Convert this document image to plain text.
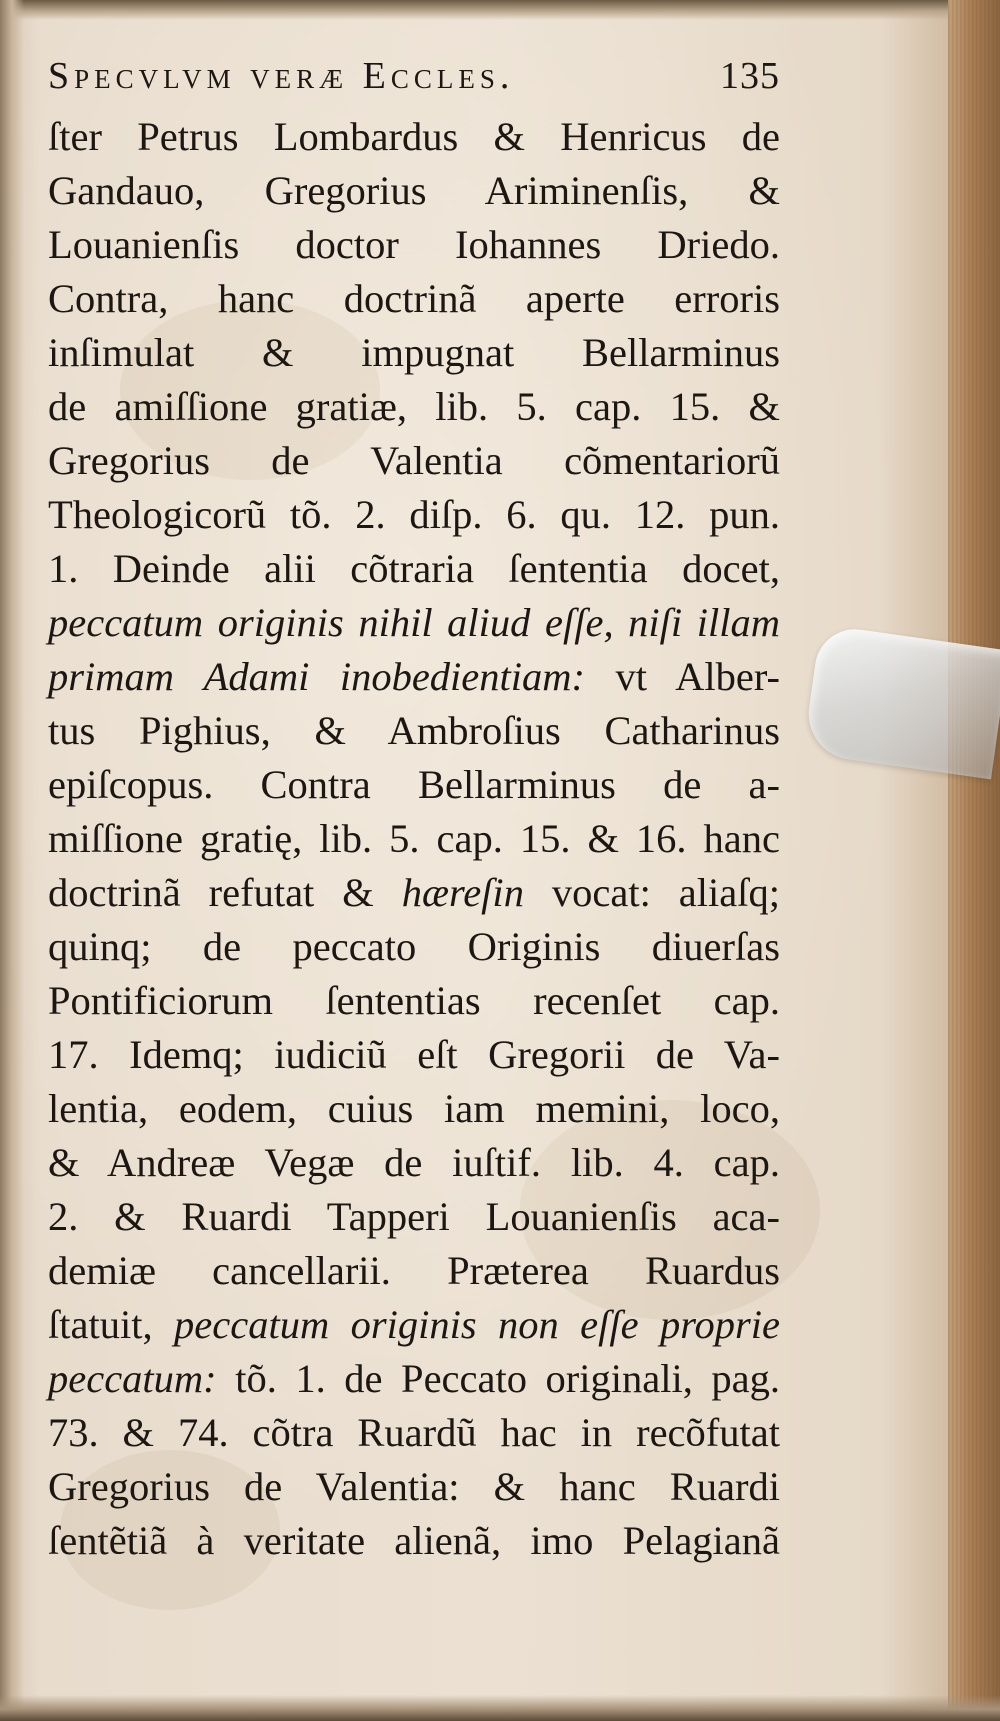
Specvlvm veræ Eccles.	135
ſter Petrus Lombardus & Henricus de
Gandauo, Gregorius Ariminenſis, &
Louanienſis doctor Iohannes Driedo.
Contra, hanc doctrinã aperte erroris
inſimulat & impugnat Bellarminus
de amiſſione gratiæ, lib. 5. cap. 15. &
Gregorius de Valentia cõmentariorũ
Theologicorũ tõ. 2. diſp. 6. qu. 12. pun.
1. Deinde alii cõtraria ſententia docet,
peccatum originis nihil aliud eſſe, niſi illam
primam Adami inobedientiam: vt Alber-
tus Pighius, & Ambroſius Catharinus
epiſcopus. Contra Bellarminus de a-
miſſione gratię, lib. 5. cap. 15. & 16. hanc
doctrinã refutat & hæreſin vocat: aliaſq;
quinq; de peccato Originis diuerſas
Pontificiorum ſententias recenſet cap.
17. Idemq; iudiciũ eſt Gregorii de Va-
lentia, eodem, cuius iam memini, loco,
& Andreæ Vegæ de iuſtif. lib. 4. cap.
2. & Ruardi Tapperi Louanienſis aca-
demiæ cancellarii. Præterea Ruardus
ſtatuit, peccatum originis non eſſe proprie
peccatum: tõ. 1. de Peccato originali, pag.
73. & 74. cõtra Ruardũ hac in recõfutat
Gregorius de Valentia: & hanc Ruardi
ſentẽtiã à veritate alienã, imo Pelagianã
